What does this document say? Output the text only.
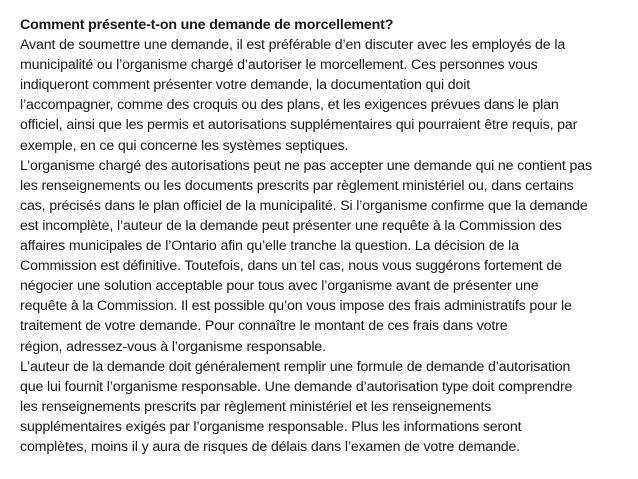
Comment présente-t-on une demande de morcellement?
Avant de soumettre une demande, il est préférable d’en discuter avec les employés de la
municipalité ou l’organisme chargé d’autoriser le morcellement. Ces personnes vous
indiqueront comment présenter votre demande, la documentation qui doit
l’accompagner, comme des croquis ou des plans, et les exigences prévues dans le plan
officiel, ainsi que les permis et autorisations supplémentaires qui pourraient être requis, par
exemple, en ce qui concerne les systèmes septiques.
L’organisme chargé des autorisations peut ne pas accepter une demande qui ne contient pas
les renseignements ou les documents prescrits par règlement ministériel ou, dans certains
cas, précisés dans le plan officiel de la municipalité. Si l’organisme confirme que la demande
est incomplète, l’auteur de la demande peut présenter une requête à la Commission des
affaires municipales de l’Ontario afin qu’elle tranche la question. La décision de la
Commission est définitive. Toutefois, dans un tel cas, nous vous suggérons fortement de
négocier une solution acceptable pour tous avec l’organisme avant de présenter une
requête à la Commission. Il est possible qu’on vous impose des frais administratifs pour le
traitement de votre demande. Pour connaître le montant de ces frais dans votre
région, adressez-vous à l’organisme responsable.
L’auteur de la demande doit généralement remplir une formule de demande d’autorisation
que lui fournit l’organisme responsable. Une demande d’autorisation type doit comprendre
les renseignements prescrits par règlement ministériel et les renseignements
supplémentaires exigés par l’organisme responsable. Plus les informations seront
complètes, moins il y aura de risques de délais dans l’examen de votre demande.
